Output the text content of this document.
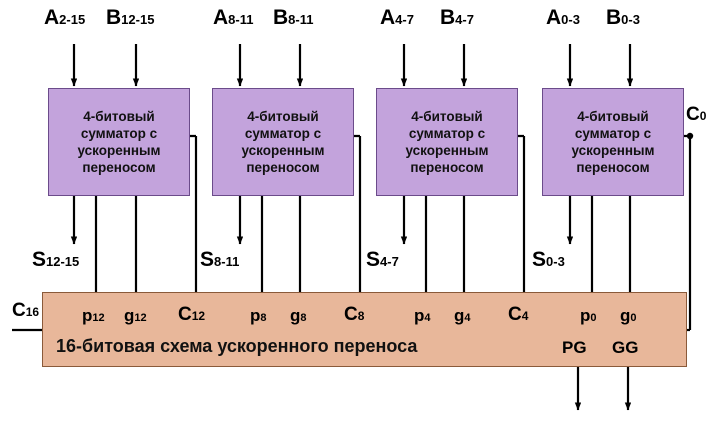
A2-15 B12-15	A8-11 B8-11	A4-7 B4-7	A0-3 B0-3
4-битовый сумматор с ускоренным переносом
4-битовый сумматор с ускоренным переносом
4-битовый сумматор с ускоренным переносом
4-битовый сумматор с ускоренным переносом
S12-15	S8-11	S4-7	S0-3
C0
C16
16-битовая схема ускоренного переноса
p12 g12 C12	p8 g8 C8	p4 g4 C4	p0 g0
PG GG
